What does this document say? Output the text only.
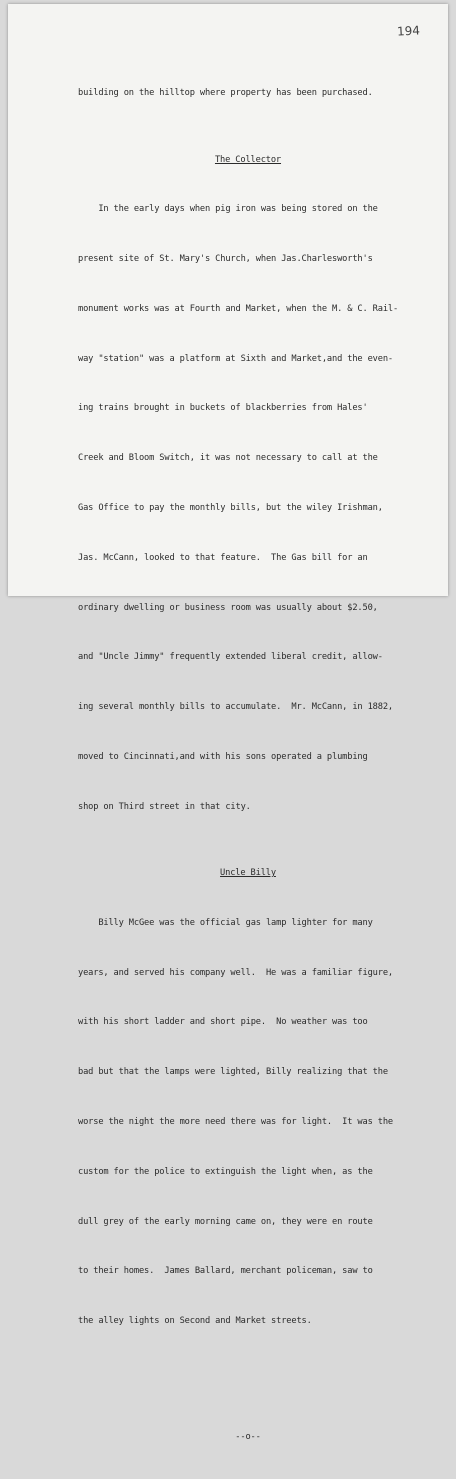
194

building on the hilltop where property has been purchased.

The Collector

In the early days when pig iron was being stored on the

present site of St. Mary's Church, when Jas.Charlesworth's

monument works was at Fourth and Market, when the M. & C. Rail-

way "station" was a platform at Sixth and Market,and the even-

ing trains brought in buckets of blackberries from Hales'

Creek and Bloom Switch, it was not necessary to call at the

Gas Office to pay the monthly bills, but the wiley Irishman,

Jas. McCann, looked to that feature.  The Gas bill for an

ordinary dwelling or business room was usually about $2.50,

and "Uncle Jimmy" frequently extended liberal credit, allow-

ing several monthly bills to accumulate.  Mr. McCann, in 1882,

moved to Cincinnati,and with his sons operated a plumbing

shop on Third street in that city.

Uncle Billy

Billy McGee was the official gas lamp lighter for many

years, and served his company well.  He was a familiar figure,

with his short ladder and short pipe.  No weather was too

bad but that the lamps were lighted, Billy realizing that the

worse the night the more need there was for light.  It was the

custom for the police to extinguish the light when, as the

dull grey of the early morning came on, they were en route

to their homes.  James Ballard, merchant policeman, saw to

the alley lights on Second and Market streets.

--o--
